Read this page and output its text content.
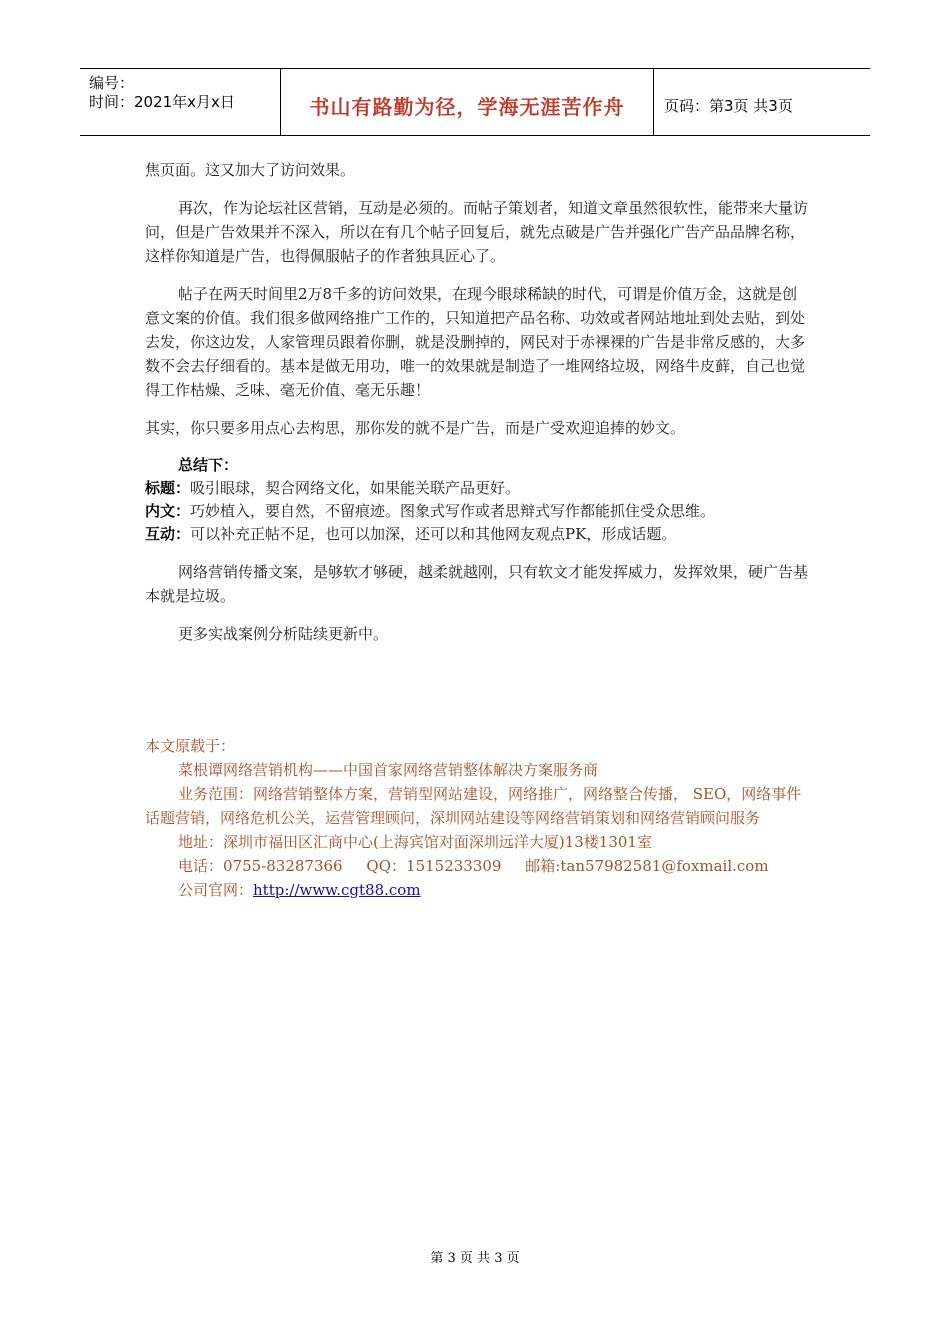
编号：
时间：2021年x月x日	书山有路勤为径，学海无涯苦作舟	页码：第3页 共3页

焦页面。这又加大了访问效果。

再次，作为论坛社区营销，互动是必须的。而帖子策划者，知道文章虽然很软性，能带来大量访问，但是广告效果并不深入，所以在有几个帖子回复后，就先点破是广告并强化广告产品品牌名称，这样你知道是广告，也得佩服帖子的作者独具匠心了。

帖子在两天时间里2万8千多的访问效果，在现今眼球稀缺的时代，可谓是价值万金，这就是创意文案的价值。我们很多做网络推广工作的，只知道把产品名称、功效或者网站地址到处去贴，到处去发，你这边发，人家管理员跟着你删，就是没删掉的，网民对于赤裸裸的广告是非常反感的，大多数不会去仔细看的。基本是做无用功，唯一的效果就是制造了一堆网络垃圾，网络牛皮藓，自己也觉得工作枯燥、乏味、毫无价值、毫无乐趣！

其实，你只要多用点心去构思，那你发的就不是广告，而是广受欢迎追捧的妙文。

总结下：

标题：吸引眼球，契合网络文化，如果能关联产品更好。

内文：巧妙植入，要自然，不留痕迹。图象式写作或者思辩式写作都能抓住受众思维。

互动：可以补充正帖不足，也可以加深，还可以和其他网友观点PK，形成话题。

网络营销传播文案，是够软才够硬，越柔就越刚，只有软文才能发挥威力，发挥效果，硬广告基本就是垃圾。

更多实战案例分析陆续更新中。

本文原载于：

菜根谭网络营销机构——中国首家网络营销整体解决方案服务商

业务范围：网络营销整体方案，营销型网站建设，网络推广，网络整合传播， SEO，网络事件话题营销，网络危机公关，运营管理顾问，深圳网站建设等网络营销策划和网络营销顾问服务

地址：深圳市福田区汇商中心(上海宾馆对面深圳远洋大厦)13楼1301室

电话：0755-83287366     QQ：1515233309     邮箱:tan57982581@foxmail.com

公司官网：http://www.cgt88.com

第 3 页 共 3 页
